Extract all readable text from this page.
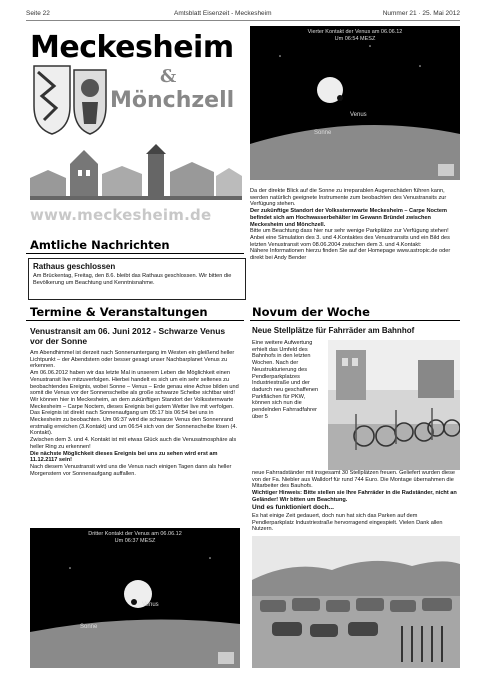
Seite 22	Amtsblatt Eisenzeit - Meckesheim	Nummer 21 · 25. Mai 2012
Meckesheim
&
Mönchzell
www.meckesheim.de
Vierter Kontakt der Venus am 06.06.12
Um 06:54 MESZ
Venus
Sonne

Da der direkte Blick auf die Sonne zu irreparablen Augenschäden führen kann, werden natürlich geeignete Instrumente zum beobachten des Venustransits zur Verfügung stehen.

Der zukünftige Standort der Volkssternwarte Meckesheim – Carpe Noctem befindet sich am Hochwasserbehälter im Gewann Bründel zwischen Meckesheim und Mönchzell.

Bitte um Beachtung dass hier nur sehr wenige Parkplätze zur Verfügung stehen!

Anbei eine Simulation des 3. und 4.Kontaktes des Venustransits und ein Bild des letzten Venustransit vom 08.06.2004 zwischen dem 3. und 4.Kontakt:

Nähere Informationen hierzu finden Sie auf der Homepage www.astropic.de oder direkt bei Andy Bender

Amtliche Nachrichten
Rathaus geschlossen
Am Brückentag, Freitag, den 8.6. bleibt das Rathaus geschlossen. Wir bitten die Bevölkerung um Beachtung und Kenntnisnahme.
Termine & Veranstaltungen
Venustransit am 06. Juni 2012 - Schwarze Venus vor der Sonne

Am Abendhimmel ist derzeit nach Sonnenuntergang im Westen ein gleißend heller Lichtpunkt – der Abendstern oder besser gesagt unser Nachbarplanet Venus zu erkennen.

Am 06.06.2012 haben wir das letzte Mal in unserem Leben die Möglichkeit einen Venustransit live mitzuverfolgen. Hierbei handelt es sich um ein sehr seltenes zu beobachtendes Ereignis, wobei Sonne – Venus – Erde genau eine Achse bilden und somit die Venus vor der Sonnenscheibe als große schwarze Scheibe sichtbar wird!

Wir können hier in Meckesheim, an dem zukünftigen Standort der Volkssternwarte Meckesheim – Carpe Noctem, dieses Ereignis bei gutem Wetter live mit verfolgen.

Das Ereignis ist direkt nach Sonnenaufgang um 05:17 bis 06:54 bei uns in Meckesheim zu beobachten. Um 06:37 wird die schwarze Venus den Sonnenrand erstmalig erreichen (3.Kontakt) und um 06:54 sich von der Sonnenscheibe lösen (4. Kontakt).

Zwischen dem 3. und 4. Kontakt ist mit etwas Glück auch die Venusatmosphäre als heller Ring zu erkennen!

Die nächste Möglichkeit dieses Ereignis bei uns zu sehen wird erst am 11.12.2117 sein!

Nach diesem Venustransit wird uns die Venus nach einigen Tagen dann als heller Morgenstern vor Sonnenaufgang auffallen.

Dritter Kontakt der Venus am 06.06.12
Um 06:37 MESZ
Venus
Sonne
Novum der Woche
Neue Stellplätze für Fahrräder am Bahnhof
Eine weitere Aufwertung erhielt das Umfeld des Bahnhofs in den letzten Wochen. Nach der Neustrukturierung des Pendlerparkplatzes Industriestraße und der dadurch neu geschaffenen Parkflächen für PKW, können sich nun die pendelnden Fahrradfahrer über 5

neue Fahrradständer mit insgesamt 30 Stellplätzen freuen. Geliefert wurden diese von der Fa. Niebler aus Walldorf für rund 744 Euro. Die Montage übernahmen die Mitarbeiter des Bauhofs.

Wichtiger Hinweis: Bitte stellen sie Ihre Fahrräder in die Radständer, nicht an Geländer! Wir bitten um Beachtung.

Und es funktioniert doch...
Es hat einige Zeit gedauert, doch nun hat sich das Parken auf dem Pendlerparkplatz Industriestraße hervorragend eingespielt. Vielen Dank allen Nutzern.
